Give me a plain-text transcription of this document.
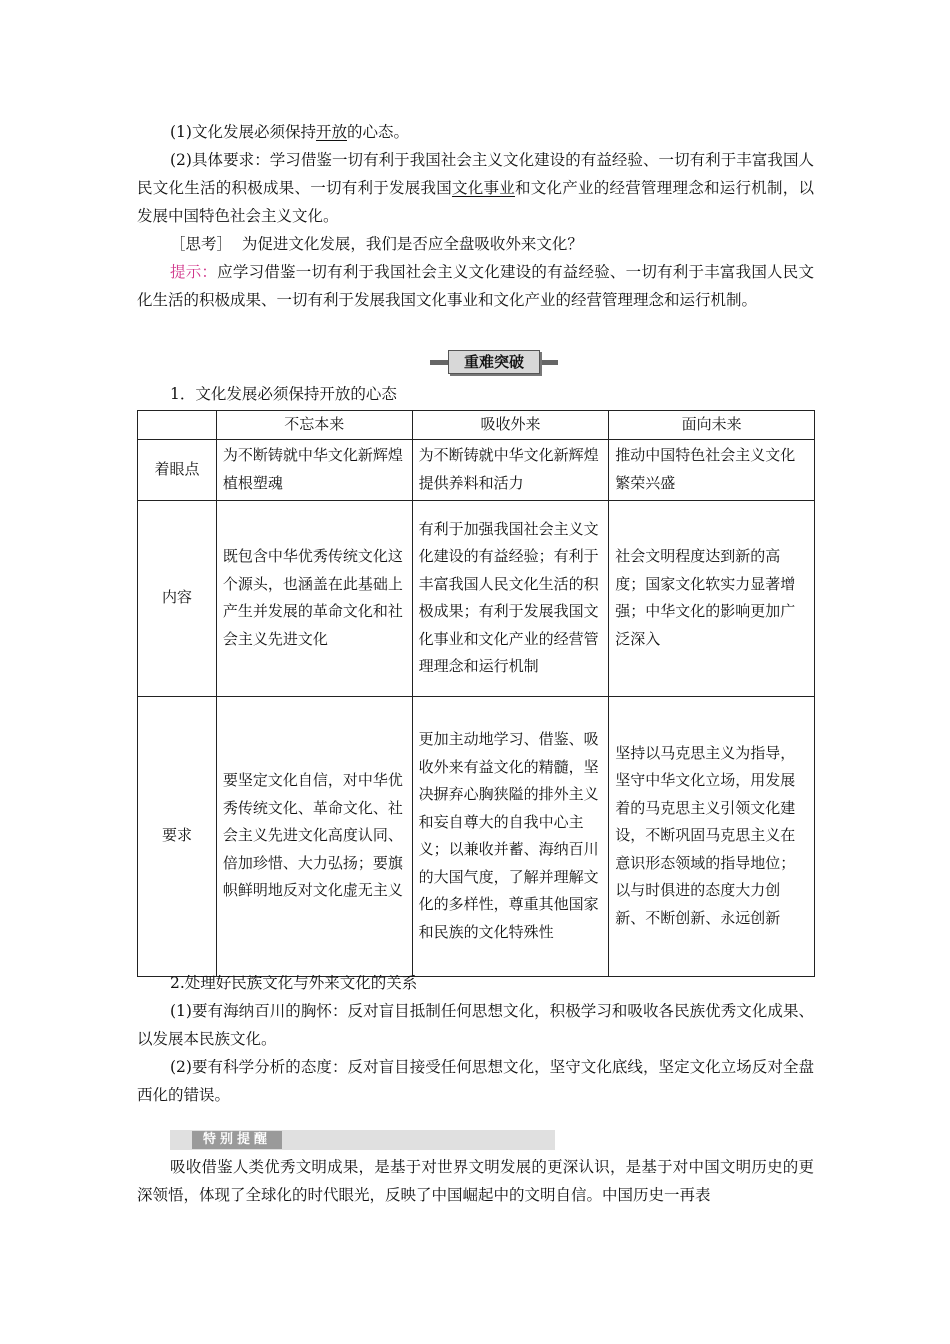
(1)文化发展必须保持开放的心态。
(2)具体要求：学习借鉴一切有利于我国社会主义文化建设的有益经验、一切有利于丰富我国人民文化生活的积极成果、一切有利于发展我国文化事业和文化产业的经营管理理念和运行机制，以发展中国特色社会主义文化。
［思考］ 为促进文化发展，我们是否应全盘吸收外来文化？
提示：应学习借鉴一切有利于我国社会主义文化建设的有益经验、一切有利于丰富我国人民文化生活的积极成果、一切有利于发展我国文化事业和文化产业的经营管理理念和运行机制。
重难突破
1．文化发展必须保持开放的心态
	不忘本来	吸收外来	面向未来
着眼点	为不断铸就中华文化新辉煌植根塑魂	为不断铸就中华文化新辉煌提供养料和活力	推动中国特色社会主义文化繁荣兴盛
内容	既包含中华优秀传统文化这个源头，也涵盖在此基础上产生并发展的革命文化和社会主义先进文化	有利于加强我国社会主义文化建设的有益经验；有利于丰富我国人民文化生活的积极成果；有利于发展我国文化事业和文化产业的经营管理理念和运行机制	社会文明程度达到新的高度；国家文化软实力显著增强；中华文化的影响更加广泛深入
要求	要坚定文化自信，对中华优秀传统文化、革命文化、社会主义先进文化高度认同、倍加珍惜、大力弘扬；要旗帜鲜明地反对文化虚无主义	更加主动地学习、借鉴、吸收外来有益文化的精髓，坚决摒弃心胸狭隘的排外主义和妄自尊大的自我中心主义；以兼收并蓄、海纳百川的大国气度，了解并理解文化的多样性，尊重其他国家和民族的文化特殊性	坚持以马克思主义为指导，坚守中华文化立场，用发展着的马克思主义引领文化建设，不断巩固马克思主义在意识形态领域的指导地位；以与时俱进的态度大力创新、不断创新、永远创新
2.处理好民族文化与外来文化的关系
(1)要有海纳百川的胸怀：反对盲目抵制任何思想文化，积极学习和吸收各民族优秀文化成果、以发展本民族文化。
(2)要有科学分析的态度：反对盲目接受任何思想文化，坚守文化底线，坚定文化立场反对全盘西化的错误。
特别提醒
吸收借鉴人类优秀文明成果，是基于对世界文明发展的更深认识，是基于对中国文明历史的更深领悟，体现了全球化的时代眼光，反映了中国崛起中的文明自信。中国历史一再表
